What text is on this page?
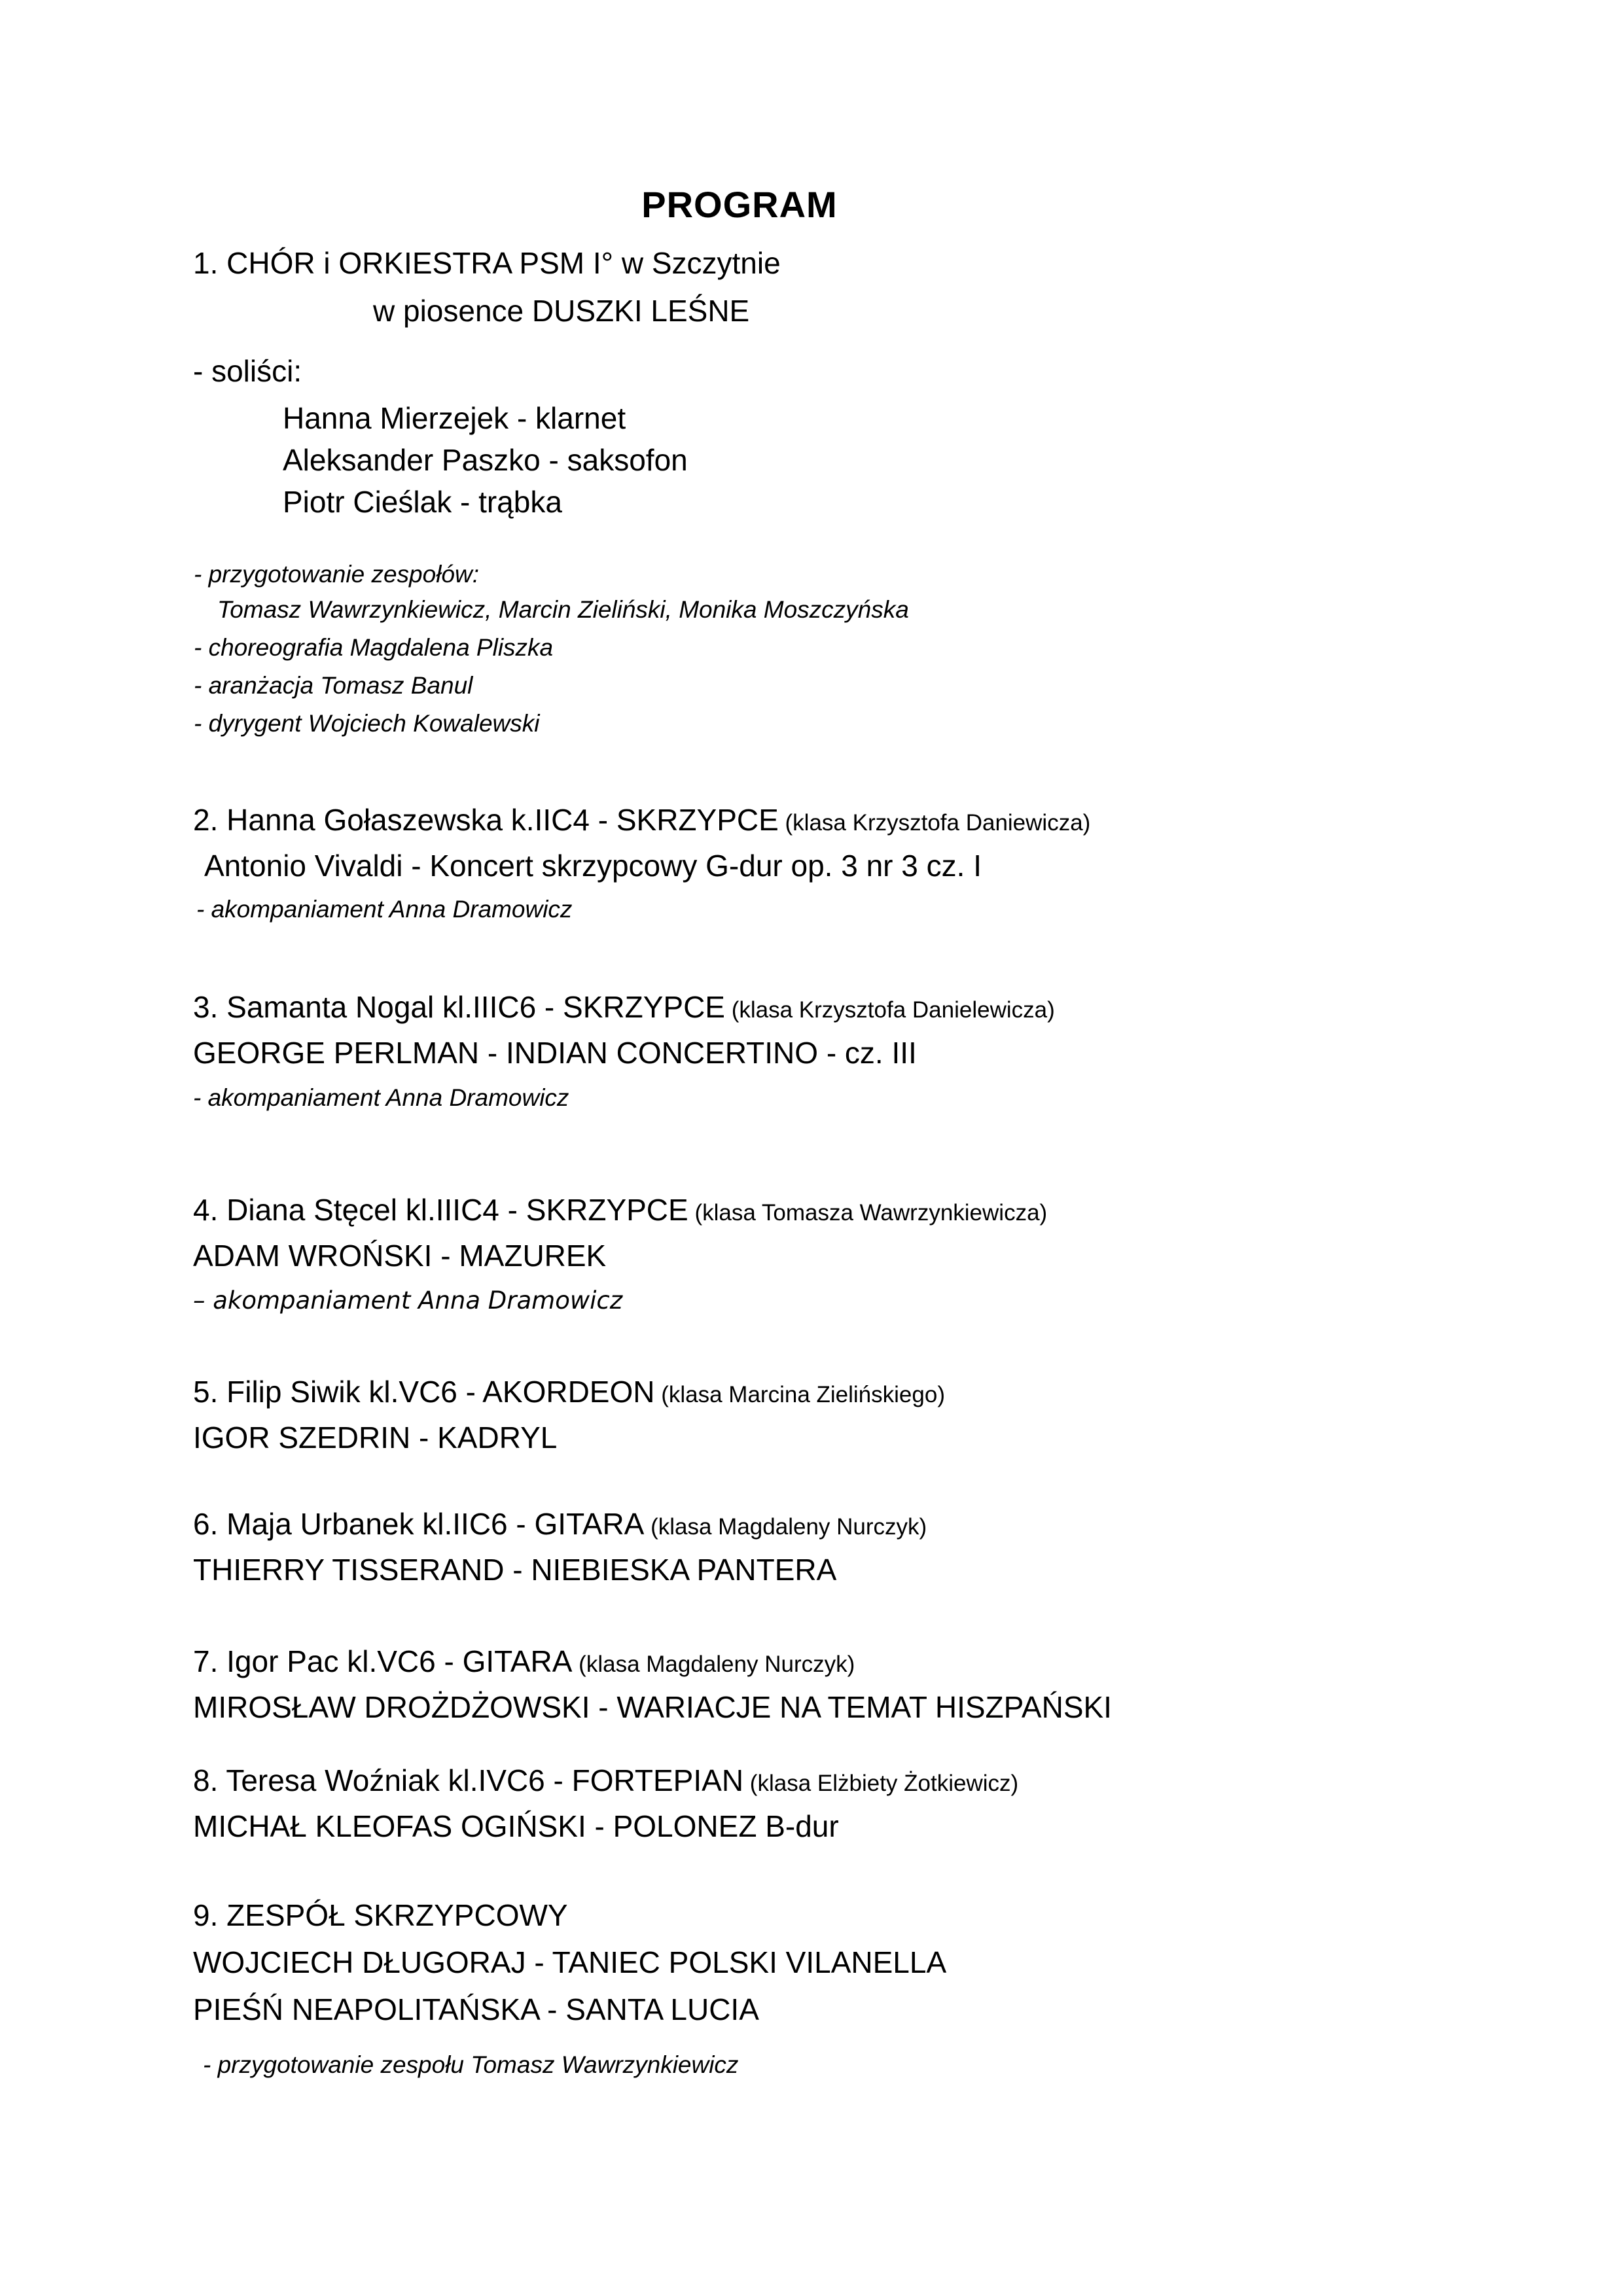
PROGRAM
1. CHÓR i ORKIESTRA PSM I° w Szczytnie
w piosence DUSZKI LEŚNE
- soliści:
Hanna Mierzejek - klarnet
Aleksander Paszko - saksofon
Piotr Cieślak - trąbka
- przygotowanie zespołów:
Tomasz Wawrzynkiewicz, Marcin Zieliński, Monika Moszczyńska
- choreografia Magdalena Pliszka
- aranżacja Tomasz Banul
- dyrygent Wojciech Kowalewski
2. Hanna Gołaszewska k.IIC4 - SKRZYPCE (klasa Krzysztofa Daniewicza)
Antonio Vivaldi - Koncert skrzypcowy G-dur op. 3 nr 3 cz. I
- akompaniament Anna Dramowicz
3. Samanta Nogal kl.IIIC6 - SKRZYPCE (klasa Krzysztofa Danielewicza)
GEORGE PERLMAN - INDIAN CONCERTINO - cz. III
- akompaniament Anna Dramowicz
4. Diana Stęcel kl.IIIC4 - SKRZYPCE (klasa Tomasza Wawrzynkiewicza)
ADAM WROŃSKI - MAZUREK
– akompaniament Anna Dramowicz
5. Filip Siwik kl.VC6 - AKORDEON (klasa Marcina Zielińskiego)
IGOR SZEDRIN - KADRYL
6. Maja Urbanek kl.IIC6 - GITARA (klasa Magdaleny Nurczyk)
THIERRY TISSERAND - NIEBIESKA PANTERA
7. Igor Pac kl.VC6 - GITARA (klasa Magdaleny Nurczyk)
MIROSŁAW DROŻDŻOWSKI - WARIACJE NA TEMAT HISZPAŃSKI
8. Teresa Woźniak kl.IVC6 - FORTEPIAN (klasa Elżbiety Żotkiewicz)
MICHAŁ KLEOFAS OGIŃSKI - POLONEZ B-dur
9. ZESPÓŁ SKRZYPCOWY
WOJCIECH DŁUGORAJ - TANIEC POLSKI VILANELLA
PIEŚŃ NEAPOLITAŃSKA - SANTA LUCIA
- przygotowanie zespołu Tomasz Wawrzynkiewicz
